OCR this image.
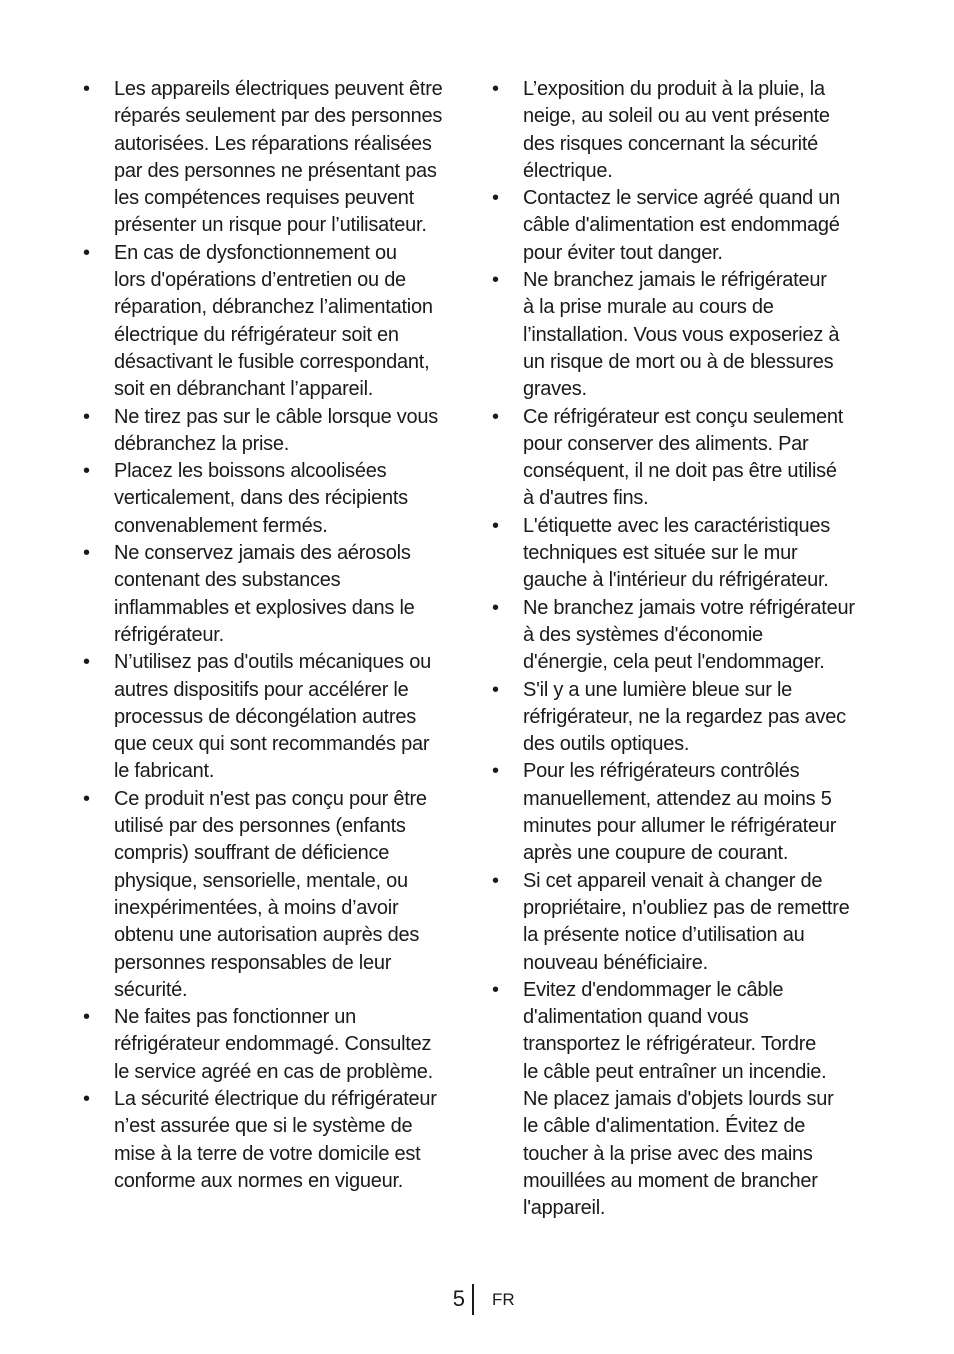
• Les appareils électriques peuvent être
réparés seulement par des personnes
autorisées. Les réparations réalisées
par des personnes ne présentant pas
les compétences requises peuvent
présenter un risque pour l’utilisateur.
• En cas de dysfonctionnement ou
lors d'opérations d’entretien ou de
réparation, débranchez l’alimentation
électrique du réfrigérateur soit en
désactivant le fusible correspondant,
soit en débranchant l’appareil.
• Ne tirez pas sur le câble lorsque vous
débranchez la prise.
• Placez les boissons alcoolisées
verticalement, dans des récipients
convenablement fermés.
• Ne conservez jamais des aérosols
contenant des substances
inflammables et explosives dans le
réfrigérateur.
• N’utilisez pas d'outils mécaniques ou
autres dispositifs pour accélérer le
processus de décongélation autres
que ceux qui sont recommandés par
le fabricant.
• Ce produit n'est pas conçu pour être
utilisé par des personnes (enfants
compris) souffrant de déficience
physique, sensorielle, mentale, ou
inexpérimentées, à moins d’avoir
obtenu une autorisation auprès des
personnes responsables de leur
sécurité.
• Ne faites pas fonctionner un
réfrigérateur endommagé. Consultez
le service agréé en cas de problème.
• La sécurité électrique du réfrigérateur
n’est assurée que si le système de
mise à la terre de votre domicile est
conforme aux normes en vigueur.
• L’exposition du produit à la pluie, la
neige, au soleil ou au vent présente
des risques concernant la sécurité
électrique.
• Contactez le service agréé quand un
câble d'alimentation est endommagé
pour éviter tout danger.
• Ne branchez jamais le réfrigérateur
à la prise murale au cours de
l’installation. Vous vous exposeriez à
un risque de mort ou à de blessures
graves.
• Ce réfrigérateur est conçu seulement
pour conserver des aliments. Par
conséquent, il ne doit pas être utilisé
à d'autres fins.
• L'étiquette avec les caractéristiques
techniques est située sur le mur
gauche à l'intérieur du réfrigérateur.
• Ne branchez jamais votre réfrigérateur
à des systèmes d'économie
d'énergie, cela peut l'endommager.
• S'il y a une lumière bleue sur le
réfrigérateur, ne la regardez pas avec
des outils optiques.
• Pour les réfrigérateurs contrôlés
manuellement, attendez au moins 5
minutes pour allumer le réfrigérateur
après une coupure de courant.
• Si cet appareil venait à changer de
propriétaire, n'oubliez pas de remettre
la présente notice d’utilisation au
nouveau bénéficiaire.
• Evitez d'endommager le câble
d'alimentation quand vous
transportez le réfrigérateur. Tordre
le câble peut entraîner un incendie.
Ne placez jamais d'objets lourds sur
le câble d'alimentation. Évitez de
toucher à la prise avec des mains
mouillées au moment de brancher
l'appareil.
5 FR
